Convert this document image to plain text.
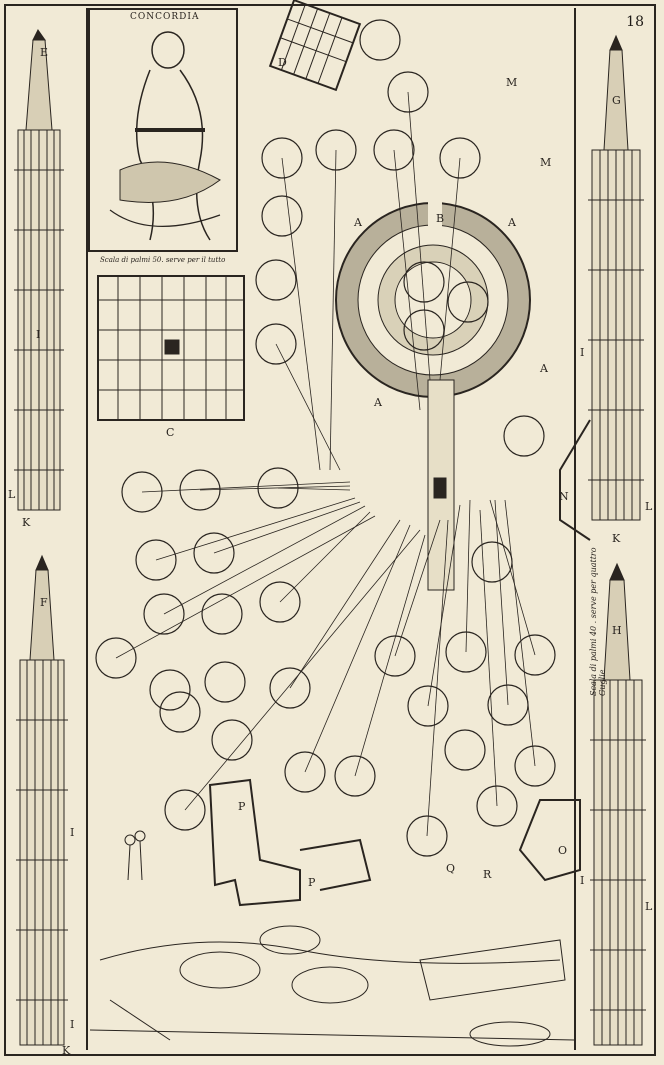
18
CONCORDIA
Scala di palmi 50. serve per il tutto
E
I
L
K
F
I
I
K
G
I
L
K
H
I
L
A	A
A
A
B
C
D
M
M
N
O
P
P
Q	R
Scala di palmi 40 . serve per quattro Guglie
